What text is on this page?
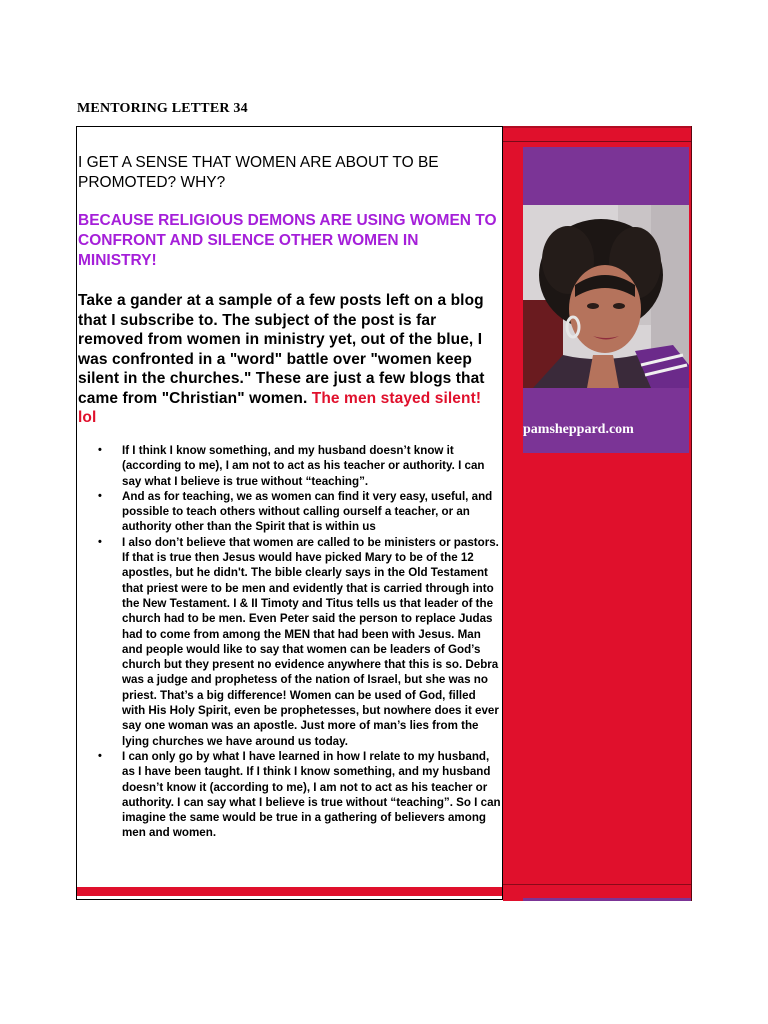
MENTORING LETTER 34

I GET A SENSE THAT WOMEN ARE ABOUT TO BE PROMOTED? WHY?

BECAUSE RELIGIOUS DEMONS ARE USING WOMEN TO CONFRONT AND SILENCE OTHER WOMEN IN MINISTRY!

Take a gander at a sample of a few posts left on a blog that I subscribe to. The subject of the post is far removed from women in ministry yet, out of the blue, I was confronted in a "word" battle over "women keep silent in the churches." These are just a few blogs that came from "Christian" women. The men stayed silent! lol

• If I think I know something, and my husband doesn’t know it (according to me), I am not to act as his teacher or authority. I can say what I believe is true without “teaching”.
• And as for teaching, we as women can find it very easy, useful, and possible to teach others without calling ourself a teacher, or an authority other than the Spirit that is within us
• I also don’t believe that women are called to be ministers or pastors. If that is true then Jesus would have picked Mary to be of the 12 apostles, but he didn't. The bible clearly says in the Old Testament that priest were to be men and evidently that is carried through into the New Testament. I & II Timoty and Titus tells us that leader of the church had to be men. Even Peter said the person to replace Judas had to come from among the MEN that had been with Jesus. Man and people would like to say that women can be leaders of God’s church but they present no evidence anywhere that this is so. Debra was a judge and prophetess of the nation of Israel, but she was no priest. That’s a big difference! Women can be used of God, filled with His Holy Spirit, even be prophetesses, but nowhere does it ever say one woman was an apostle. Just more of man’s lies from the lying churches we have around us today.
• I can only go by what I have learned in how I relate to my husband, as I have been taught. If I think I know something, and my husband doesn’t know it (according to me), I am not to act as his teacher or authority. I can say what I believe is true without “teaching”. So I can imagine the same would be true in a gathering of believers among men and women.
pamsheppard.com
